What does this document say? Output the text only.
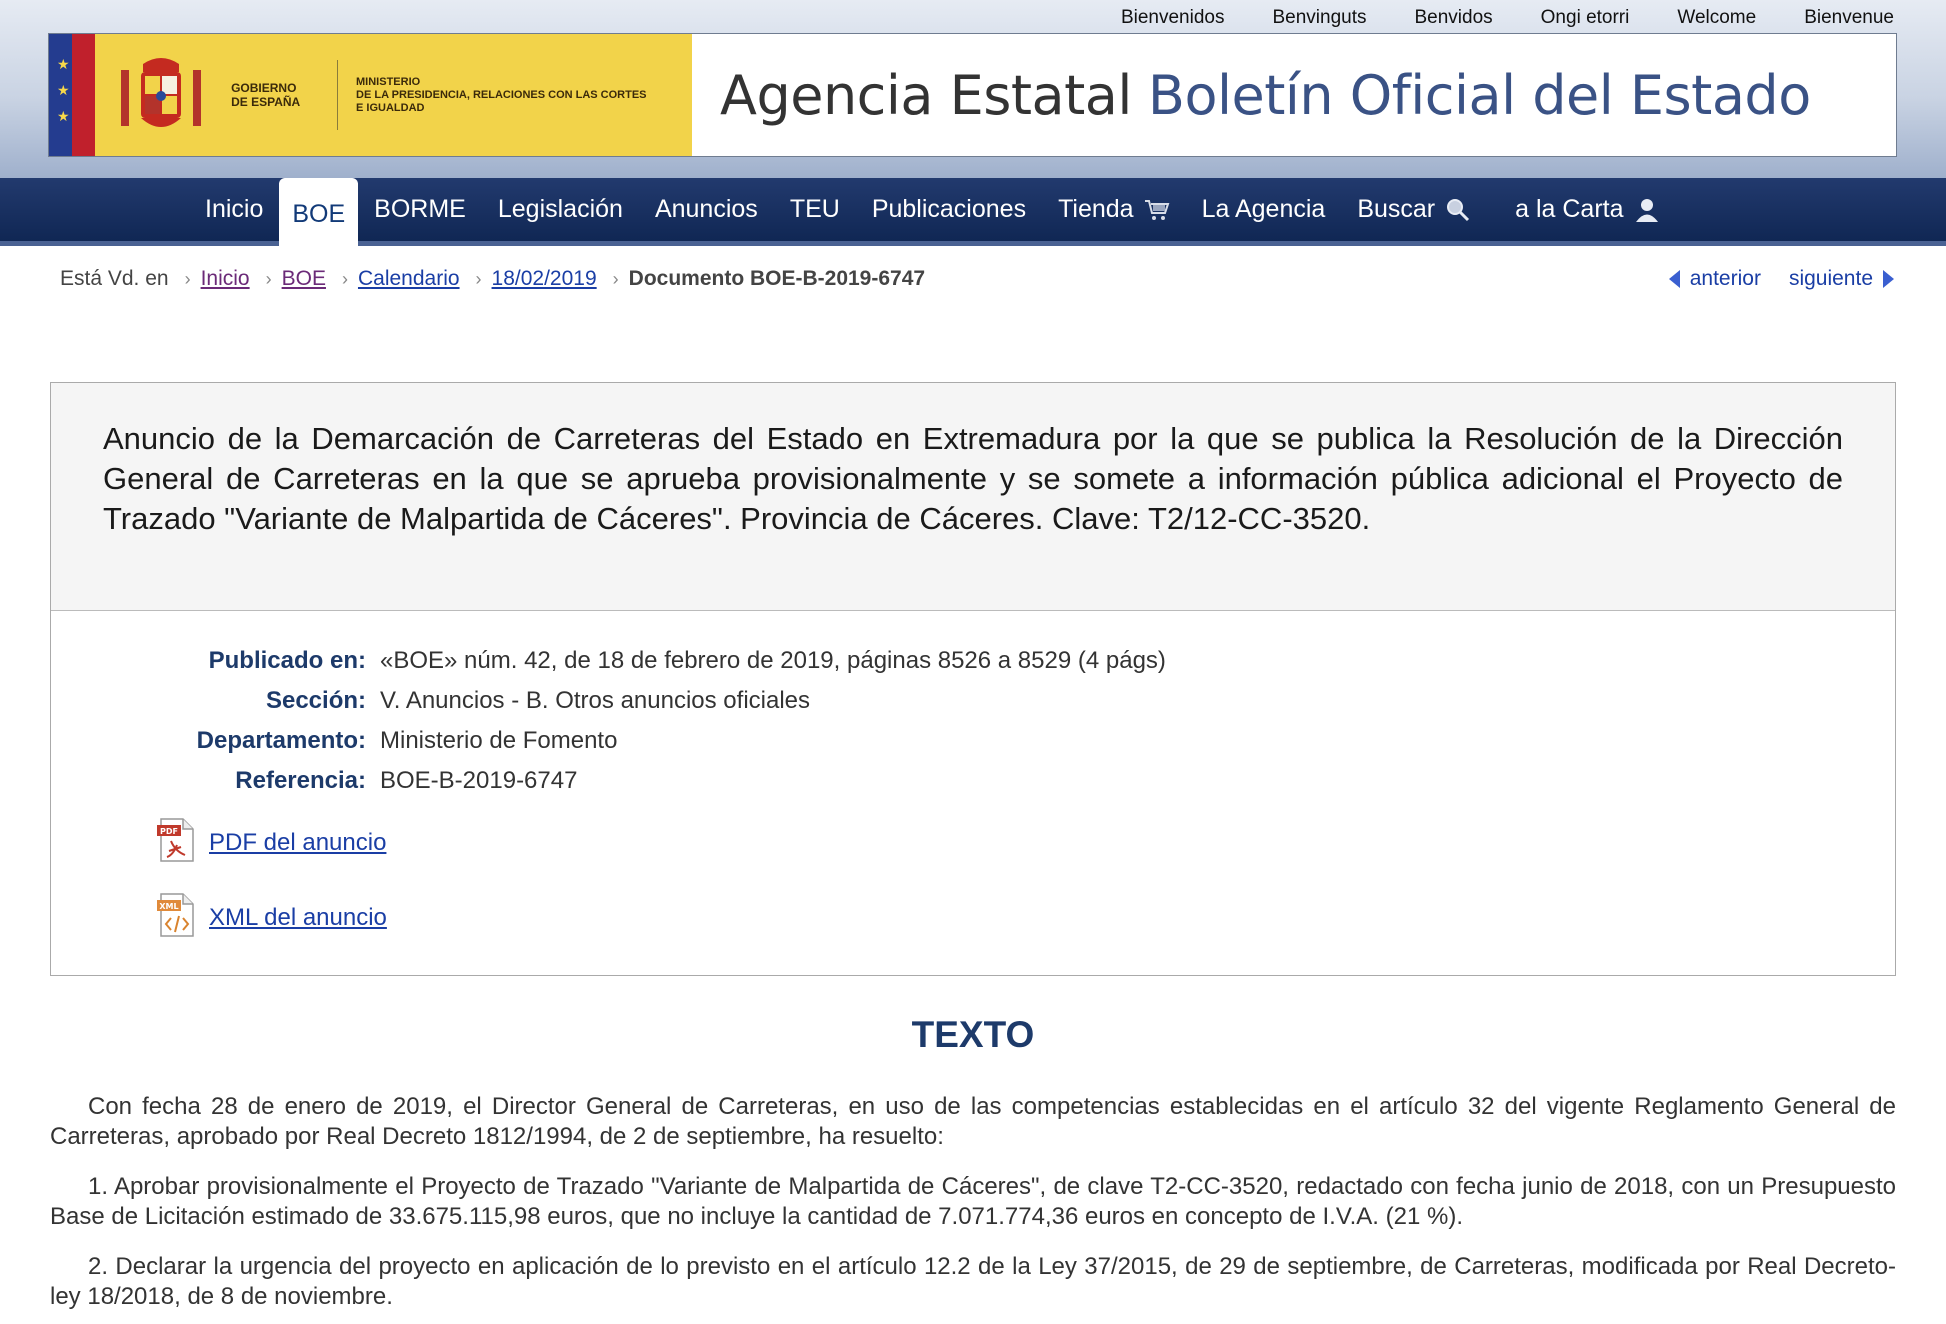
Bienvenidos	Benvinguts	Benvidos	Ongi etorri	Welcome	Bienvenue
★
★
★
GOBIERNO
DE ESPAÑA
MINISTERIO
DE LA PRESIDENCIA, RELACIONES CON LAS CORTES
E IGUALDAD	Agencia Estatal Boletín Oficial del Estado
Inicio BOE BORME Legislación Anuncios TEU Publicaciones Tienda	La Agencia Buscar	a la Carta
Está Vd. en › Inicio › BOE › Calendario › 18/02/2019 › Documento BOE-B-2019-6747	anterior siguiente
Anuncio de la Demarcación de Carreteras del Estado en Extremadura por la que se publica la Resolución de la Dirección General de Carreteras en la que se aprueba provisionalmente y se somete a información pública adicional el Proyecto de Trazado "Variante de Malpartida de Cáceres". Provincia de Cáceres. Clave: T2/12-CC-3520.
Publicado en: «BOE» núm. 42, de 18 de febrero de 2019, páginas 8526 a 8529 (4 págs)
Sección: V. Anuncios - B. Otros anuncios oficiales
Departamento: Ministerio de Fomento
Referencia: BOE-B-2019-6747
PDF PDF del anuncio
XML XML del anuncio
TEXTO

Con fecha 28 de enero de 2019, el Director General de Carreteras, en uso de las competencias establecidas en el artículo 32 del vigente Reglamento General de Carreteras, aprobado por Real Decreto 1812/1994, de 2 de septiembre, ha resuelto:

1. Aprobar provisionalmente el Proyecto de Trazado "Variante de Malpartida de Cáceres", de clave T2-CC-3520, redactado con fecha junio de 2018, con un Presupuesto Base de Licitación estimado de 33.675.115,98 euros, que no incluye la cantidad de 7.071.774,36 euros en concepto de I.V.A. (21 %).

2. Declarar la urgencia del proyecto en aplicación de lo previsto en el artículo 12.2 de la Ley 37/2015, de 29 de septiembre, de Carreteras, modificada por Real Decreto-ley 18/2018, de 8 de noviembre.
